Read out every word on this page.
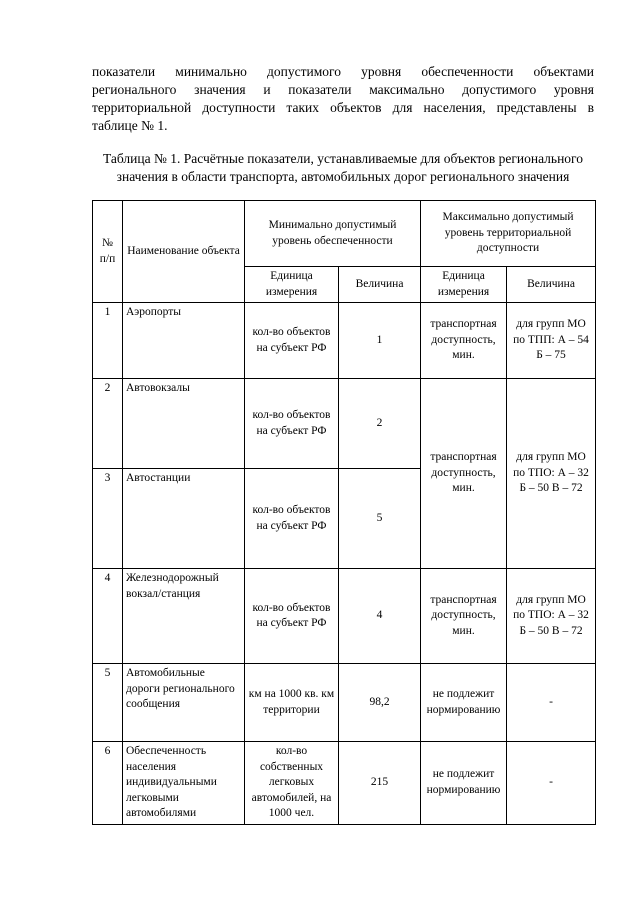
показатели минимально допустимого уровня обеспеченности объектами
регионального значения и показатели максимально допустимого уровня
территориальной доступности таких объектов для населения, представлены в
таблице № 1.
Таблица № 1. Расчётные показатели, устанавливаемые для объектов регионального
значения в области транспорта, автомобильных дорог регионального значения
№ п/п	Наименование объекта	Минимально допустимый уровень обеспеченности		Максимально допустимый уровень территориальной доступности	
		Единица измерения	Величина	Единица измерения	Величина
1	Аэропорты	кол-во объектов на субъект РФ	1	транспортная доступность, мин.	для групп МО по ТПП: А – 54 Б – 75
2	Автовокзалы	кол-во объектов на субъект РФ	2	транспортная доступность, мин.	для групп МО по ТПО: А – 32 Б – 50 В – 72
3	Автостанции	кол-во объектов на субъект РФ	5		
4	Железнодорожный вокзал/станция	кол-во объектов на субъект РФ	4	транспортная доступность, мин.	для групп МО по ТПО: А – 32 Б – 50 В – 72
5	Автомобильные дороги регионального сообщения	км на 1000 кв. км территории	98,2	не подлежит нормированию	-
6	Обеспеченность населения индивидуальными легковыми автомобилями	кол-во собственных легковых автомобилей, на 1000 чел.	215	не подлежит нормированию	-
